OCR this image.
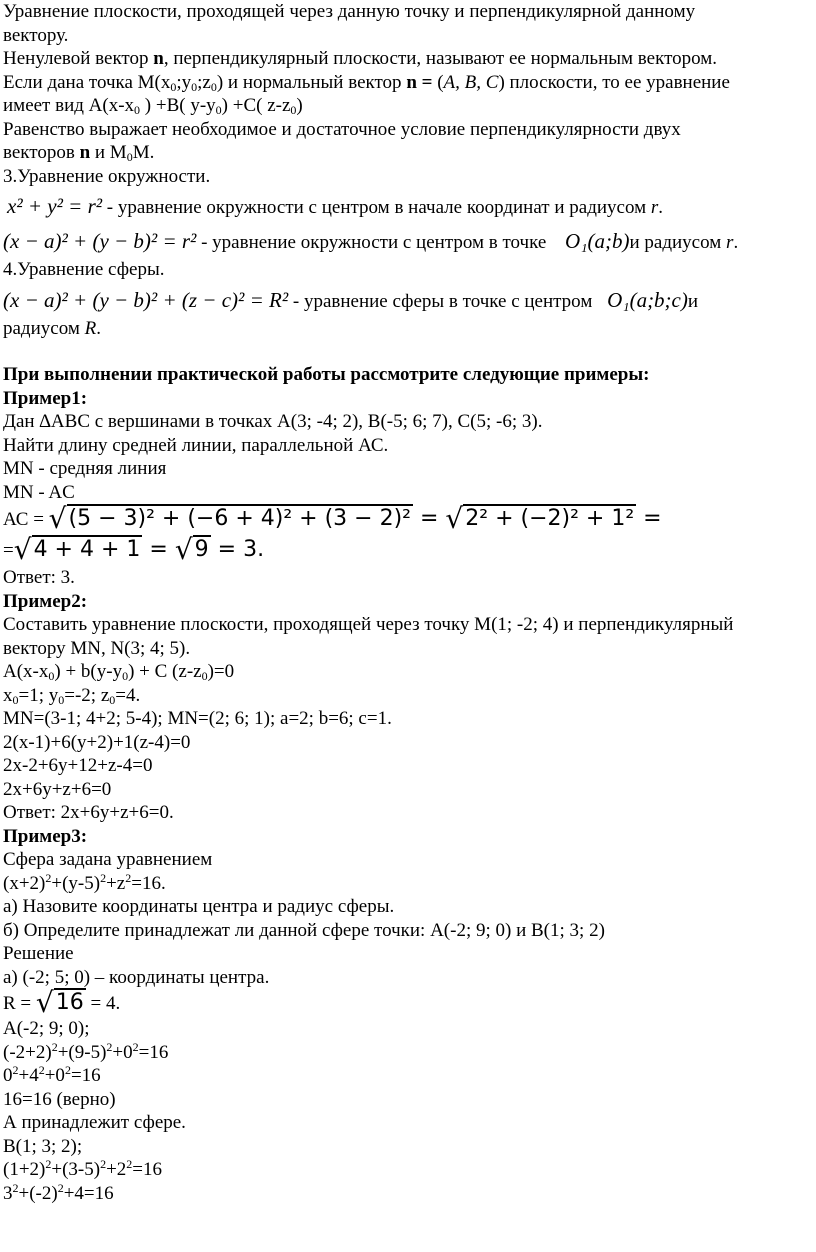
Уравнение плоскости, проходящей через данную точку и перпендикулярной данному
вектору.
Ненулевой вектор n, перпендикулярный плоскости, называют ее нормальным вектором.
Если дана точка $М(x_0;y_0;z_0)$ и нормальный вектор n = (A, B, C) плоскости, то ее уравнение
имеет вид $А(x-x_0$ ) +В( $y-y_0) +С$( $z-z_0$)
Равенство выражает необходимое и достаточное условие перпендикулярности двух
векторов n и $М_0М$.
3.Уравнение окружности.
x² + y² = r² - уравнение окружности с центром в начале координат и радиусом r.
(x − a)² + (y − b)² = r² - уравнение окружности с центром в точке O₁(a;b)и радиусом r.
4.Уравнение сферы.
(x − a)² + (y − b)² + (z − c)² = R² - уравнение сферы в точке с центром O₁(a;b;c)и
радиусом R.
При выполнении практической работы рассмотрите следующие примеры:
Пример1:
Дан ∆АВС с вершинами в точках А(3; -4; 2), В(-5; 6; 7), С(5; -6; 3).
Найти длину средней линии, параллельной АС.
MN - средняя линия
MN - AC
АС = √(5 − 3)² + (−6 + 4)² + (3 − 2)² = √2² + (−2)² + 1² =
=√4 + 4 + 1 = √9 = 3.
Ответ: 3.
Пример2:
Составить уравнение плоскости, проходящей через точку М(1; -2; 4) и перпендикулярный
вектору MN, N(3; 4; 5).
$A(x-x_0) + b(y-y_0) + C$ $(z-z_0)=0$
$x_0=1$; $y_0=-2$; $z_0=4$.
MN=(3-1; 4+2; 5-4); MN=(2; 6; 1); a=2; b=6; c=1.
2(x-1)+6(y+2)+1(z-4)=0
2x-2+6y+12+z-4=0
2x+6y+z+6=0
Ответ: 2x+6y+z+6=0.
Пример3:
Сфера задана уравнением
$(x+2)^2+(y-5)^2+z^2=16$.
а) Назовите координаты центра и радиус сферы.
б) Определите принадлежат ли данной сфере точки: А(-2; 9; 0) и В(1; 3; 2)
Решение
а) (-2; 5; 0) – координаты центра.
R = √16 = 4.
А(-2; 9; 0);
$(-2+2)^2+(9-5)^2+0^2=16$
$0^2+4^2+0^2=16$
16=16 (верно)
А принадлежит сфере.
В(1; 3; 2);
$(1+2)^2+(3-5)^2+2^2=16$
$3^2+(-2)^2+4=16$
